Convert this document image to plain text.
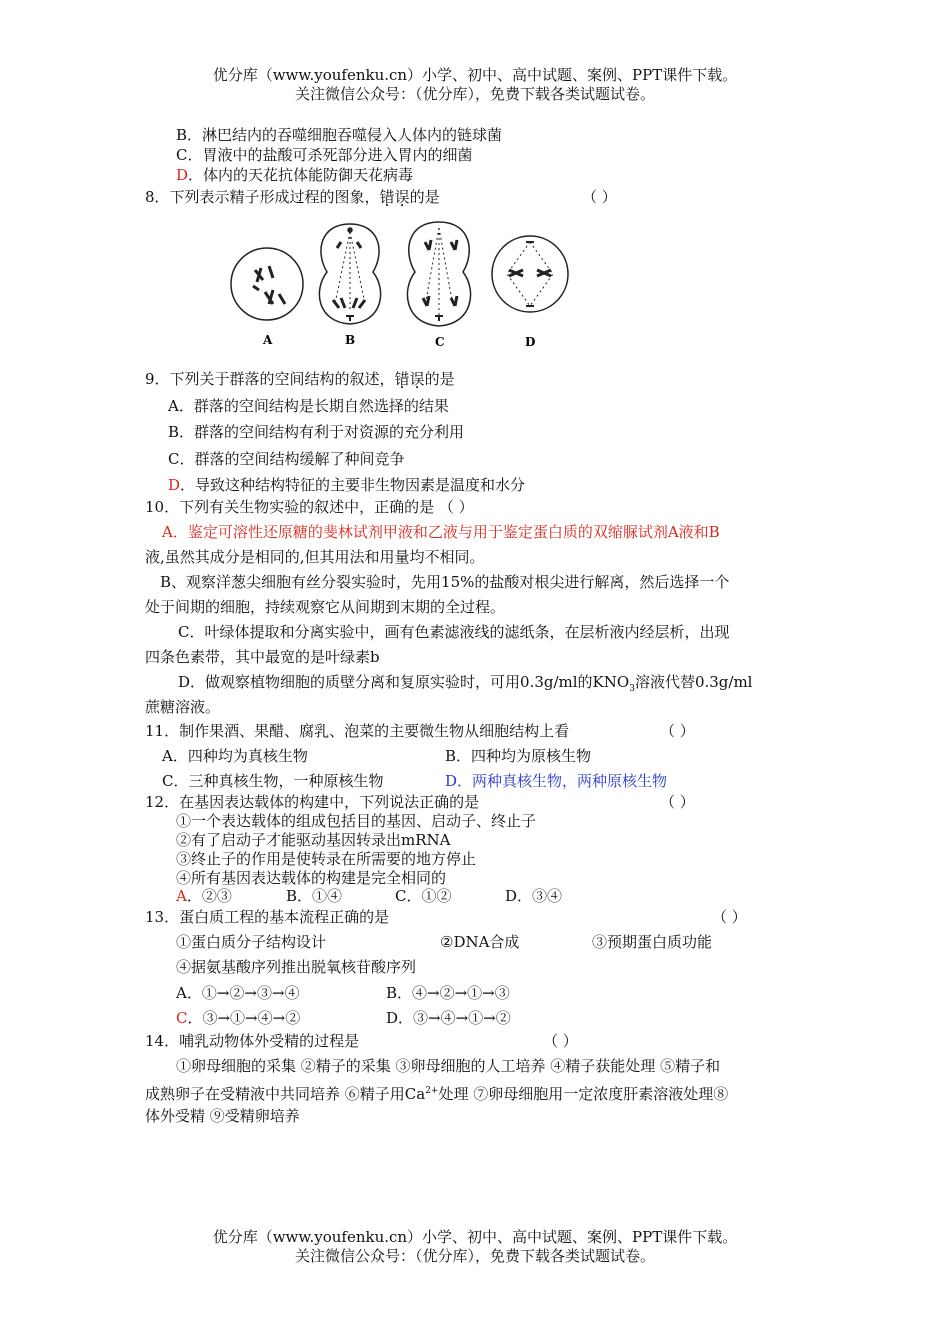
优分库（www.youfenku.cn）小学、初中、高中试题、案例、PPT课件下载。
关注微信公众号：（优分库），免费下载各类试题试卷。
B．淋巴结内的吞噬细胞吞噬侵入人体内的链球菌
C．胃液中的盐酸可杀死部分进入胃内的细菌
D．体内的天花抗体能防御天花病毒
8．下列表示精子形成过程的图象，错误的是	（ ）
A	B	C	D
9．下列关于群落的空间结构的叙述，错误的是
A．群落的空间结构是长期自然选择的结果
B．群落的空间结构有利于对资源的充分利用
C．群落的空间结构缓解了种间竞争
D．导致这种结构特征的主要非生物因素是温度和水分
10．下列有关生物实验的叙述中，正确的是 （ ）
A．鉴定可溶性还原糖的斐林试剂甲液和乙液与用于鉴定蛋白质的双缩脲试剂A液和B
液,虽然其成分是相同的,但其用法和用量均不相同。
B、观察洋葱尖细胞有丝分裂实验时，先用15%的盐酸对根尖进行解离，然后选择一个
处于间期的细胞，持续观察它从间期到末期的全过程。
C．叶绿体提取和分离实验中，画有色素滤液线的滤纸条，在层析液内经层析，出现
四条色素带，其中最宽的是叶绿素b
D．做观察植物细胞的质壁分离和复原实验时，可用0.3g/ml的$KNO_3$溶液代替0.3g/ml
蔗糖溶液。
11．制作果酒、果醋、腐乳、泡菜的主要微生物从细胞结构上看	（ ）
A．四种均为真核生物	B．四种均为原核生物
C．三种真核生物，一种原核生物	D．两种真核生物，两种原核生物
12．在基因表达载体的构建中，下列说法正确的是	（ ）
①一个表达载体的组成包括目的基因、启动子、终止子
②有了启动子才能驱动基因转录出mRNA
③终止子的作用是使转录在所需要的地方停止
④所有基因表达载体的构建是完全相同的
A．②③	B．①④	C．①②	D．③④
13．蛋白质工程的基本流程正确的是	（ ）
①蛋白质分子结构设计	②DNA合成	③预期蛋白质功能
④据氨基酸序列推出脱氧核苷酸序列
A．①→②→③→④	B．④→②→①→③
C．③→①→④→②	D．③→④→①→②
14．哺乳动物体外受精的过程是	（ ）
①卵母细胞的采集 ②精子的采集 ③卵母细胞的人工培养 ④精子获能处理 ⑤精子和
成熟卵子在受精液中共同培养 ⑥精子用$Ca^{2+}$处理 ⑦卵母细胞用一定浓度肝素溶液处理⑧
体外受精 ⑨受精卵培养
优分库（www.youfenku.cn）小学、初中、高中试题、案例、PPT课件下载。
关注微信公众号：（优分库），免费下载各类试题试卷。
